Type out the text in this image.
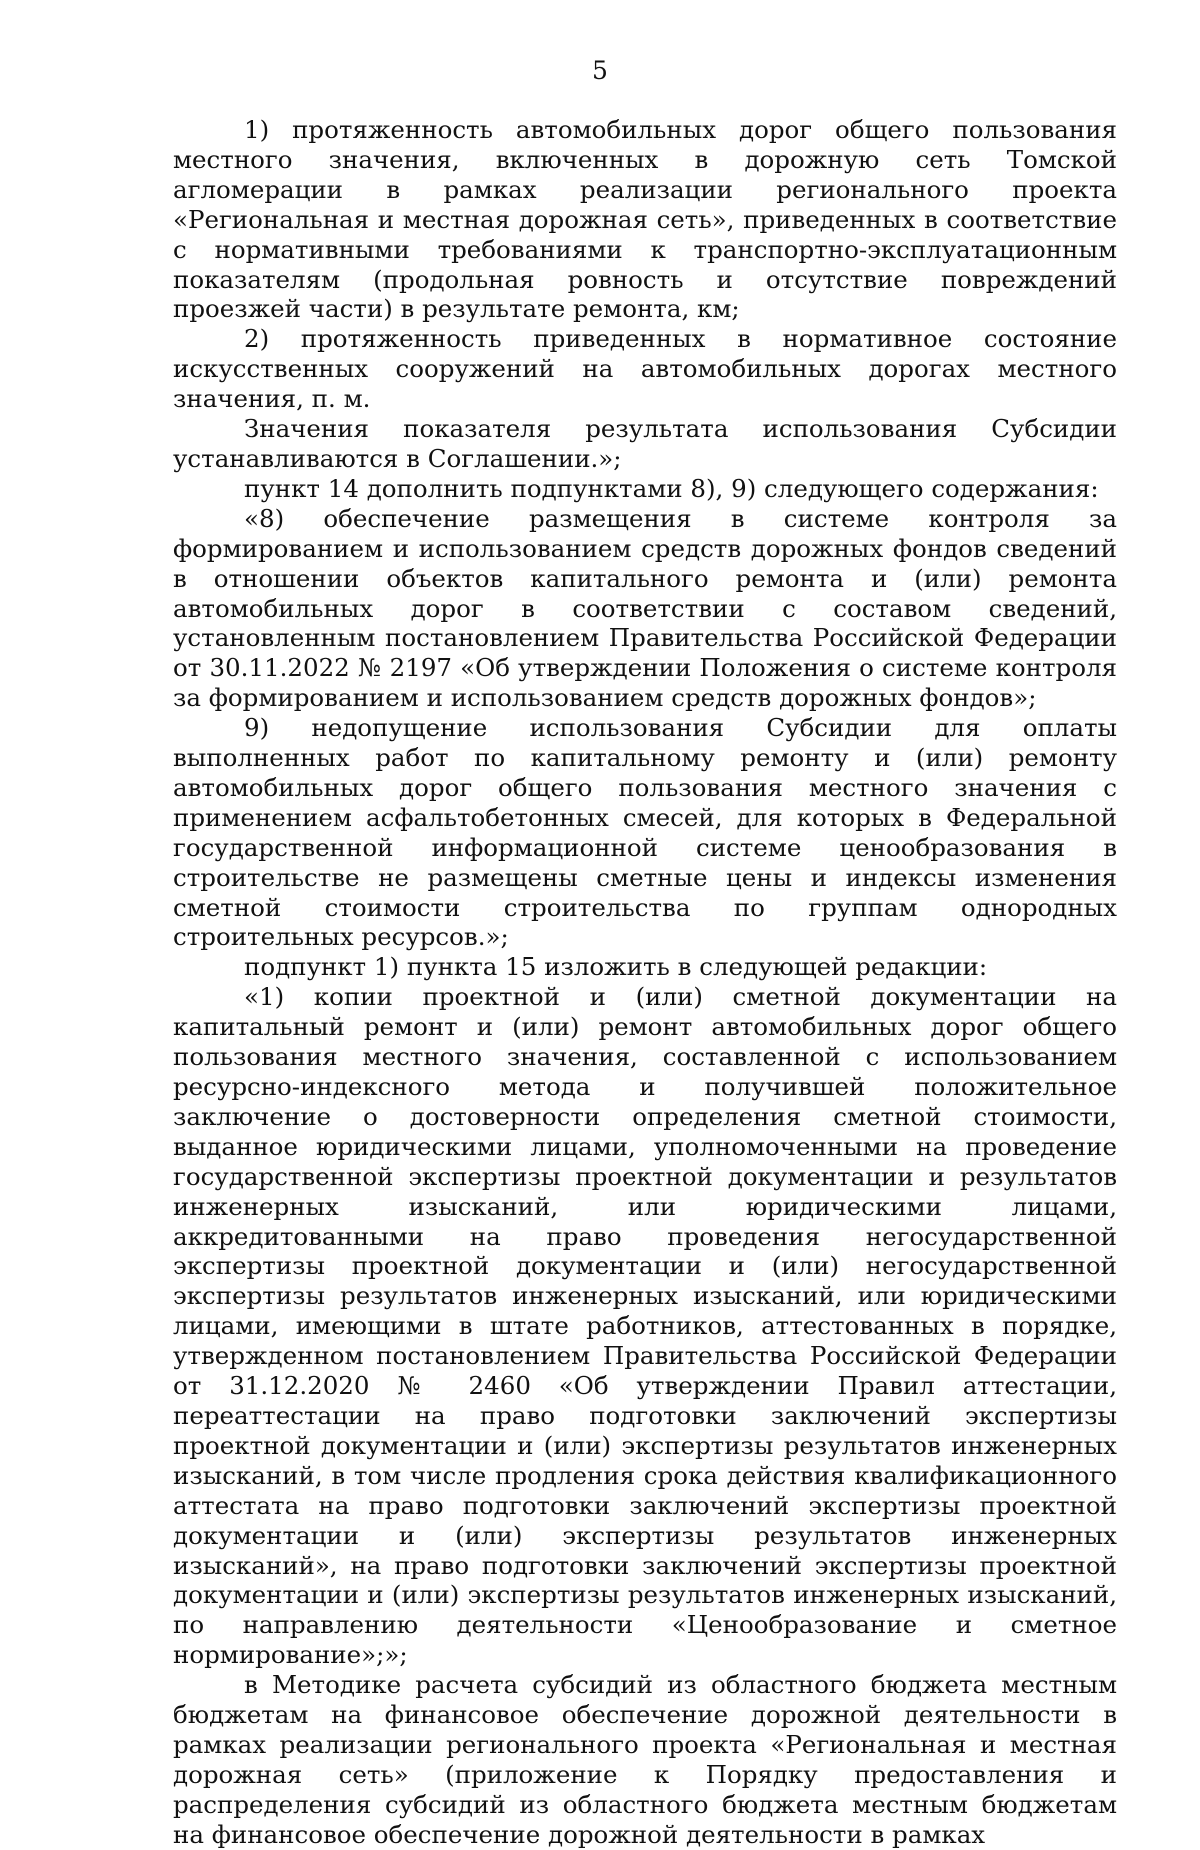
5

1) протяженность автомобильных дорог общего пользования местного значения, включенных в дорожную сеть Томской агломерации в рамках реализации регионального проекта «Региональная и местная дорожная сеть», приведенных в соответствие с нормативными требованиями к транспортно-эксплуатационным показателям (продольная ровность и отсутствие повреждений проезжей части) в результате ремонта, км;

2) протяженность приведенных в нормативное состояние искусственных сооружений на автомобильных дорогах местного значения, п. м.

Значения показателя результата использования Субсидии устанавливаются в Соглашении.»;

пункт 14 дополнить подпунктами 8), 9) следующего содержания:

«8) обеспечение размещения в системе контроля за формированием и использованием средств дорожных фондов сведений в отношении объектов капитального ремонта и (или) ремонта автомобильных дорог в соответствии с составом сведений, установленным постановлением Правительства Российской Федерации от 30.11.2022 № 2197 «Об утверждении Положения о системе контроля за формированием и использованием средств дорожных фондов»;

9) недопущение использования Субсидии для оплаты выполненных работ по капитальному ремонту и (или) ремонту автомобильных дорог общего пользования местного значения с применением асфальтобетонных смесей, для которых в Федеральной государственной информационной системе ценообразования в строительстве не размещены сметные цены и индексы изменения сметной стоимости строительства по группам однородных строительных ресурсов.»;

подпункт 1) пункта 15 изложить в следующей редакции:

«1) копии проектной и (или) сметной документации на капитальный ремонт и (или) ремонт автомобильных дорог общего пользования местного значения, составленной с использованием ресурсно-индексного метода и получившей положительное заключение о достоверности определения сметной стоимости, выданное юридическими лицами, уполномоченными на проведение государственной экспертизы проектной документации и результатов инженерных изысканий, или юридическими лицами, аккредитованными на право проведения негосударственной экспертизы проектной документации и (или) негосударственной экспертизы результатов инженерных изысканий, или юридическими лицами, имеющими в штате работников, аттестованных в порядке, утвержденном постановлением Правительства Российской Федерации от 31.12.2020 № 2460 «Об утверждении Правил аттестации, переаттестации на право подготовки заключений экспертизы проектной документации и (или) экспертизы результатов инженерных изысканий, в том числе продления срока действия квалификационного аттестата на право подготовки заключений экспертизы проектной документации и (или) экспертизы результатов инженерных изысканий», на право подготовки заключений экспертизы проектной документации и (или) экспертизы результатов инженерных изысканий, по направлению деятельности «Ценообразование и сметное нормирование»;»;

в Методике расчета субсидий из областного бюджета местным бюджетам на финансовое обеспечение дорожной деятельности в рамках реализации регионального проекта «Региональная и местная дорожная сеть» (приложение к Порядку предоставления и распределения субсидий из областного бюджета местным бюджетам на финансовое обеспечение дорожной деятельности в рамках
